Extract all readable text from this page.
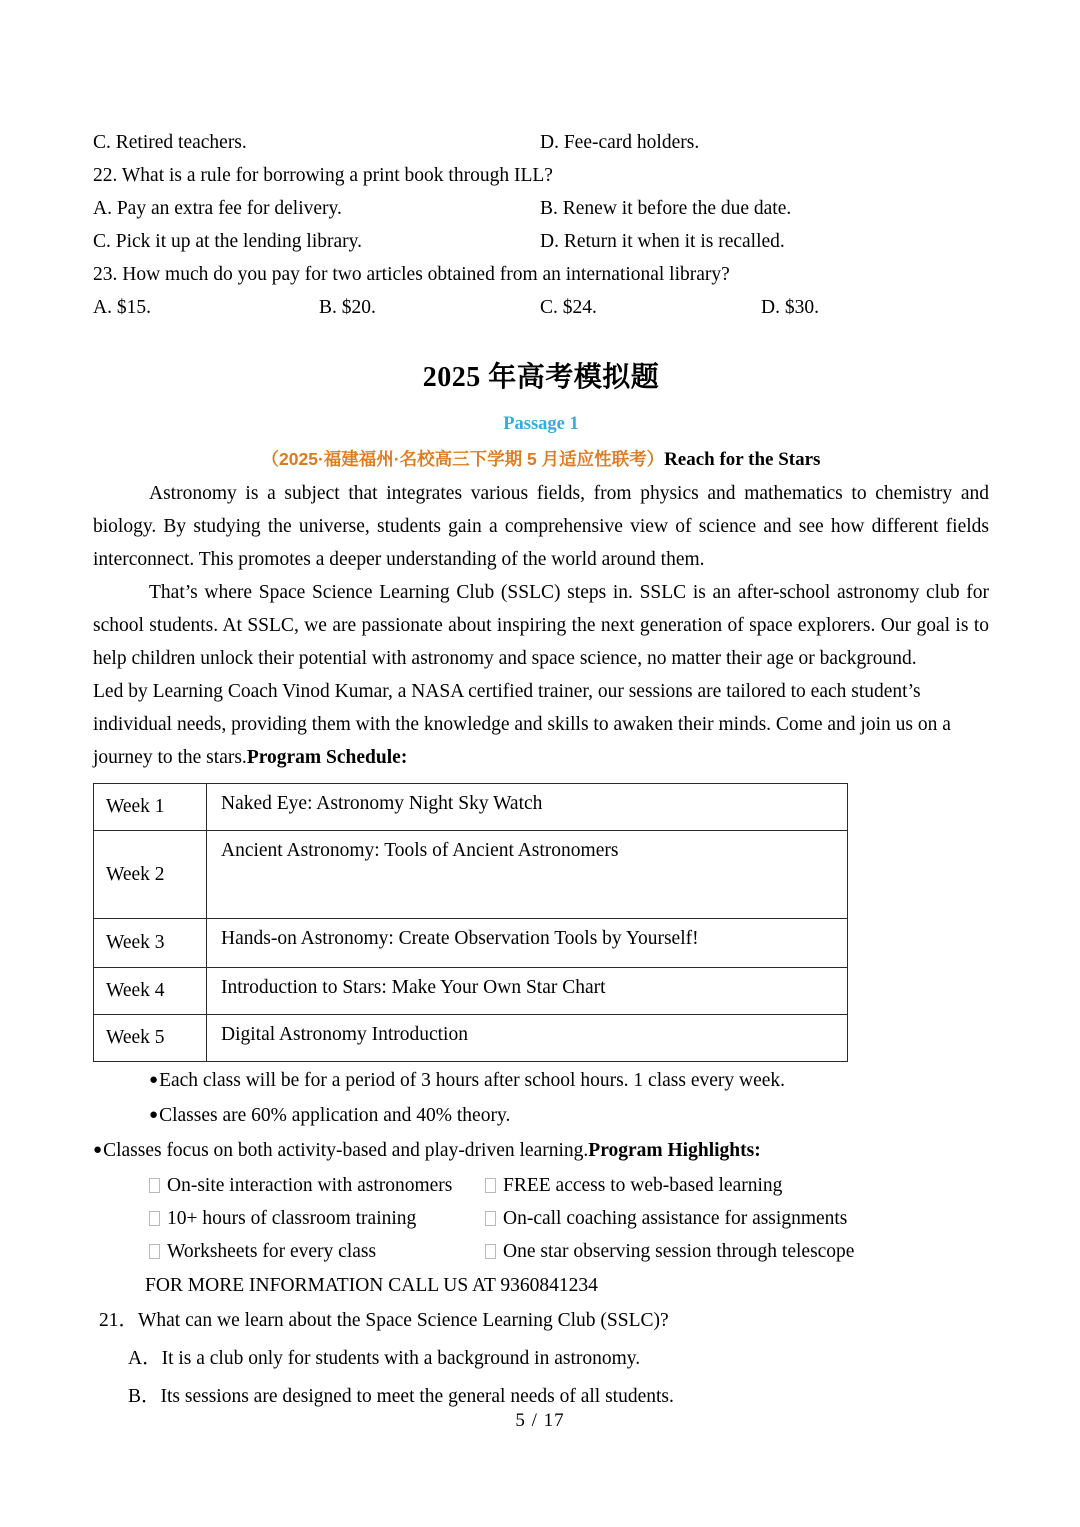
C. Retired teachers.	D. Fee-card holders.
22. What is a rule for borrowing a print book through ILL?
A. Pay an extra fee for delivery.	B. Renew it before the due date.
C. Pick it up at the lending library.	D. Return it when it is recalled.
23. How much do you pay for two articles obtained from an international library?
A. $15.	B. $20.	C. $24.	D. $30.
2025 年高考模拟题
Passage 1
（2025·福建福州·名校高三下学期 5 月适应性联考）Reach for the Stars

Astronomy is a subject that integrates various fields, from physics and mathematics to chemistry and biology. By studying the universe, students gain a comprehensive view of science and see how different fields interconnect. This promotes a deeper understanding of the world around them.

That’s where Space Science Learning Club (SSLC) steps in. SSLC is an after-school astronomy club for school students. At SSLC, we are passionate about inspiring the next generation of space explorers. Our goal is to help children unlock their potential with astronomy and space science, no matter their age or background.

Led by Learning Coach Vinod Kumar, a NASA certified trainer, our sessions are tailored to each student’s individual needs, providing them with the knowledge and skills to awaken their minds. Come and join us on a journey to the stars.Program Schedule:

Week 1	Naked Eye: Astronomy Night Sky Watch
Week 2	Ancient Astronomy: Tools of Ancient Astronomers
Week 3	Hands-on Astronomy: Create Observation Tools by Yourself!
Week 4	Introduction to Stars: Make Your Own Star Chart
Week 5	Digital Astronomy Introduction
●Each class will be for a period of 3 hours after school hours. 1 class every week.
●Classes are 60% application and 40% theory.
●Classes focus on both activity-based and play-driven learning.Program Highlights:
On-site interaction with astronomers	FREE access to web-based learning
10+ hours of classroom training	On-call coaching assistance for assignments
Worksheets for every class	One star observing session through telescope
FOR MORE INFORMATION CALL US AT 9360841234
21．What can we learn about the Space Science Learning Club (SSLC)?
A．It is a club only for students with a background in astronomy.
B．Its sessions are designed to meet the general needs of all students.
5 / 17
